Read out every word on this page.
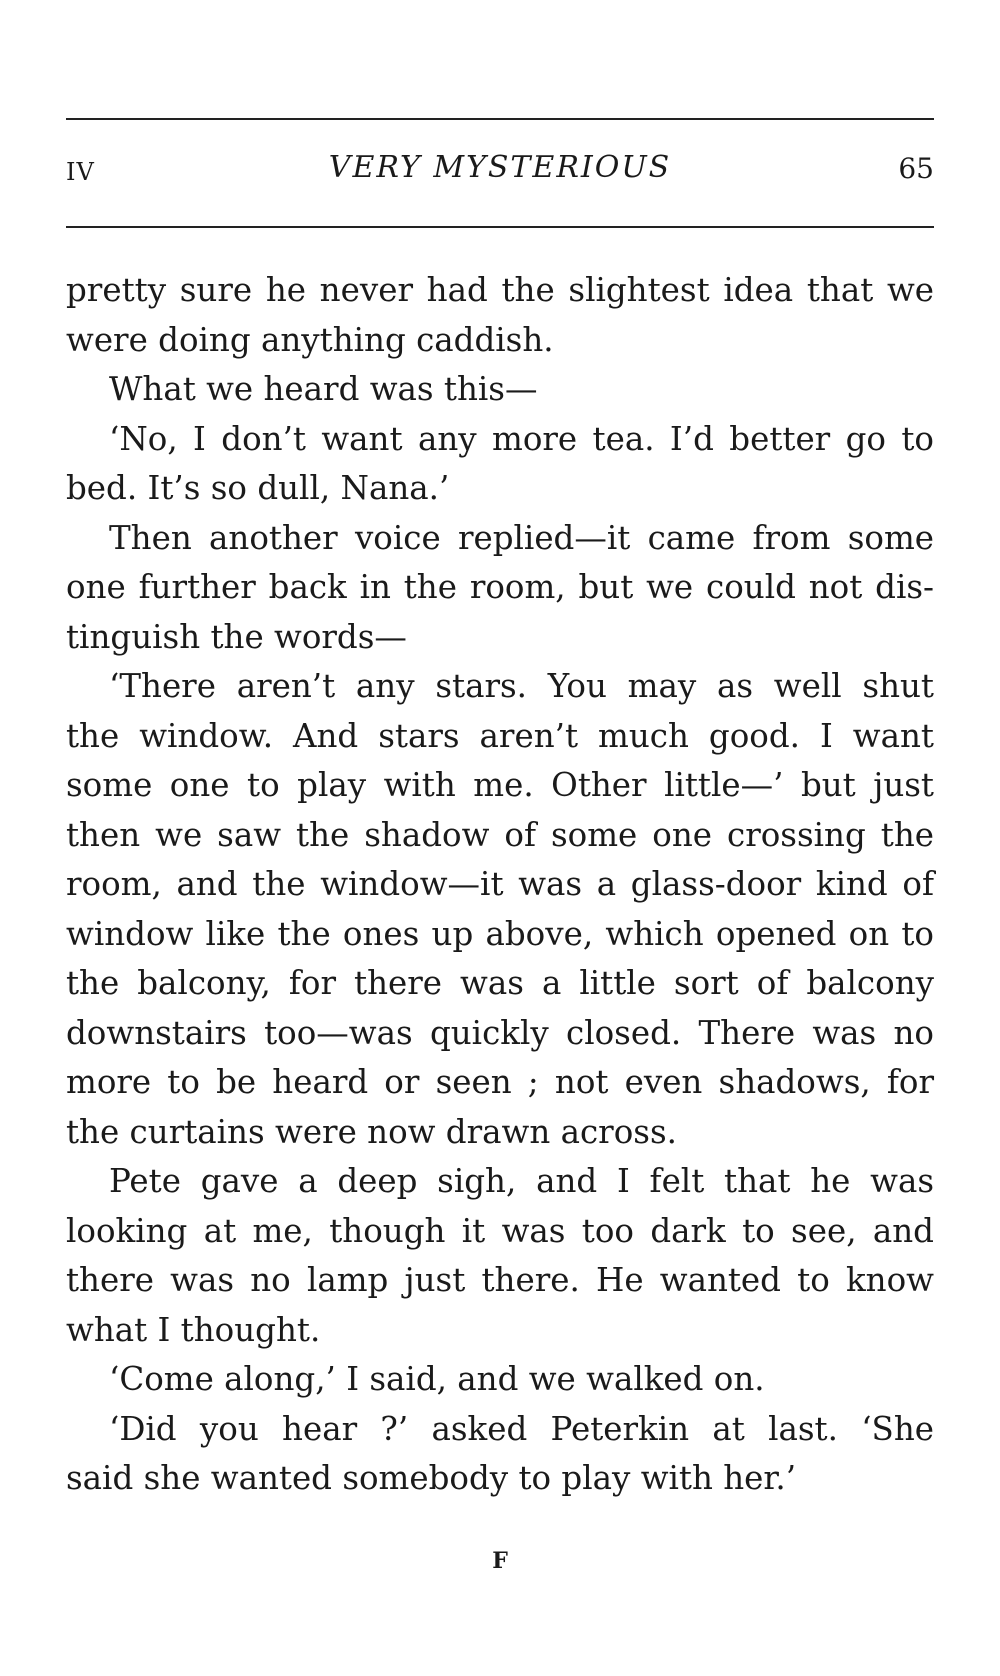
IV	VERY MYSTERIOUS	65
pretty sure he never had the slightest idea that we
were doing anything caddish.
What we heard was this—
‘No, I don’t want any more tea. I’d better go to
bed. It’s so dull, Nana.’
Then another voice replied—it came from some
one further back in the room, but we could not dis-
tinguish the words—
‘There aren’t any stars. You may as well shut
the window. And stars aren’t much good. I want
some one to play with me. Other little—’ but just
then we saw the shadow of some one crossing the
room, and the window—it was a glass-door kind of
window like the ones up above, which opened on to
the balcony, for there was a little sort of balcony
downstairs too—was quickly closed. There was no
more to be heard or seen ; not even shadows, for
the curtains were now drawn across.
Pete gave a deep sigh, and I felt that he was
looking at me, though it was too dark to see, and
there was no lamp just there. He wanted to know
what I thought.
‘Come along,’ I said, and we walked on.
‘Did you hear ?’ asked Peterkin at last. ‘She
said she wanted somebody to play with her.’
F
